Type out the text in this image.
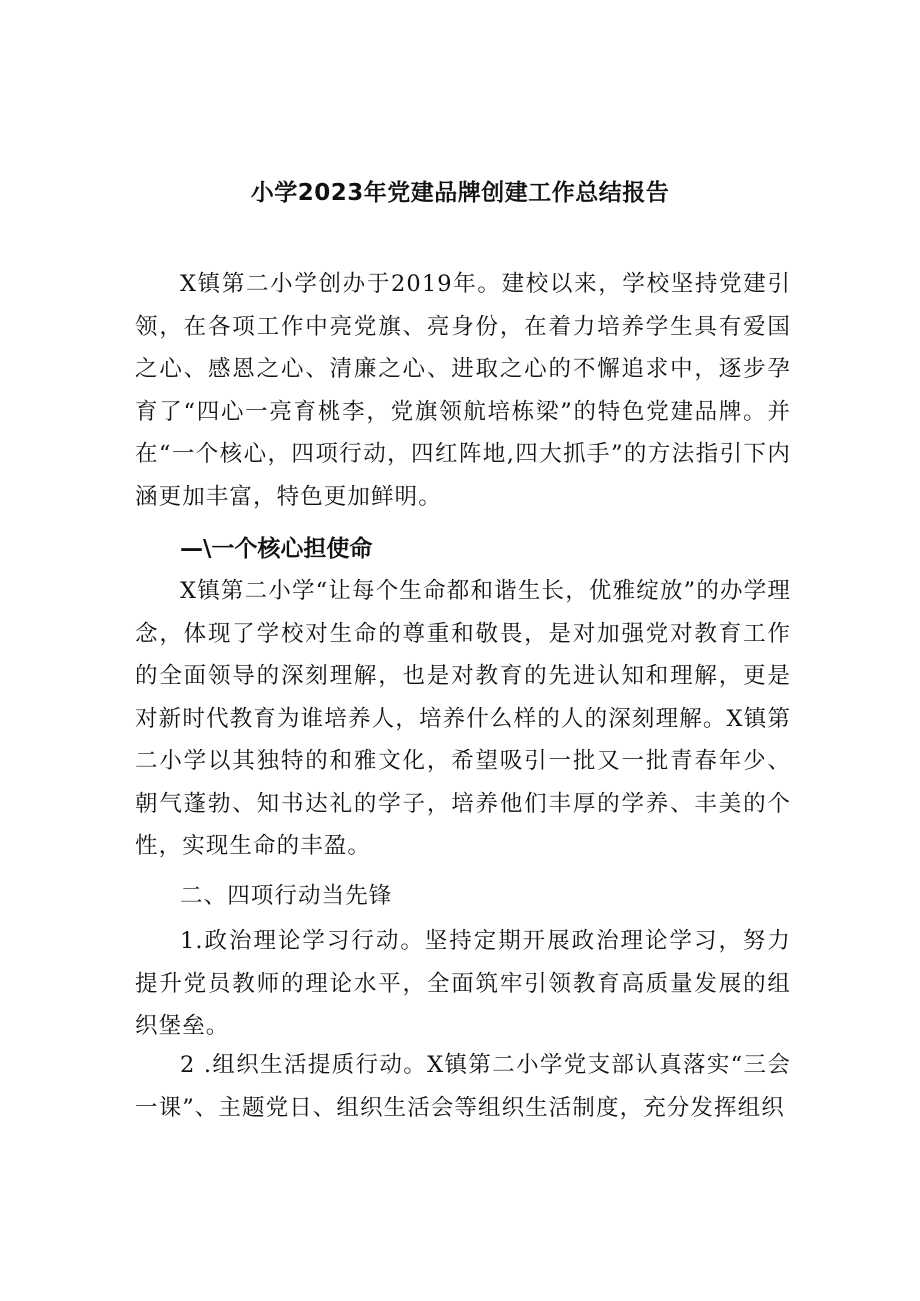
小学2023年党建品牌创建工作总结报告

X镇第二小学创办于2019年。建校以来，学校坚持党建引领，在各项工作中亮党旗、亮身份，在着力培养学生具有爱国之心、感恩之心、清廉之心、进取之心的不懈追求中，逐步孕育了“四心一亮育桃李，党旗领航培栋梁”的特色党建品牌。并在“一个核心，四项行动，四红阵地,四大抓手”的方法指引下内涵更加丰富，特色更加鲜明。

—\一个核心担使命

X镇第二小学“让每个生命都和谐生长，优雅绽放”的办学理念，体现了学校对生命的尊重和敬畏，是对加强党对教育工作的全面领导的深刻理解，也是对教育的先进认知和理解，更是对新时代教育为谁培养人，培养什么样的人的深刻理解。X镇第二小学以其独特的和雅文化，希望吸引一批又一批青春年少、朝气蓬勃、知书达礼的学子，培养他们丰厚的学养、丰美的个性，实现生命的丰盈。

二、四项行动当先锋

1.政治理论学习行动。坚持定期开展政治理论学习，努力提升党员教师的理论水平，全面筑牢引领教育高质量发展的组织堡垒。

2 .组织生活提质行动。X镇第二小学党支部认真落实“三会一课”、主题党日、组织生活会等组织生活制度，充分发挥组织
